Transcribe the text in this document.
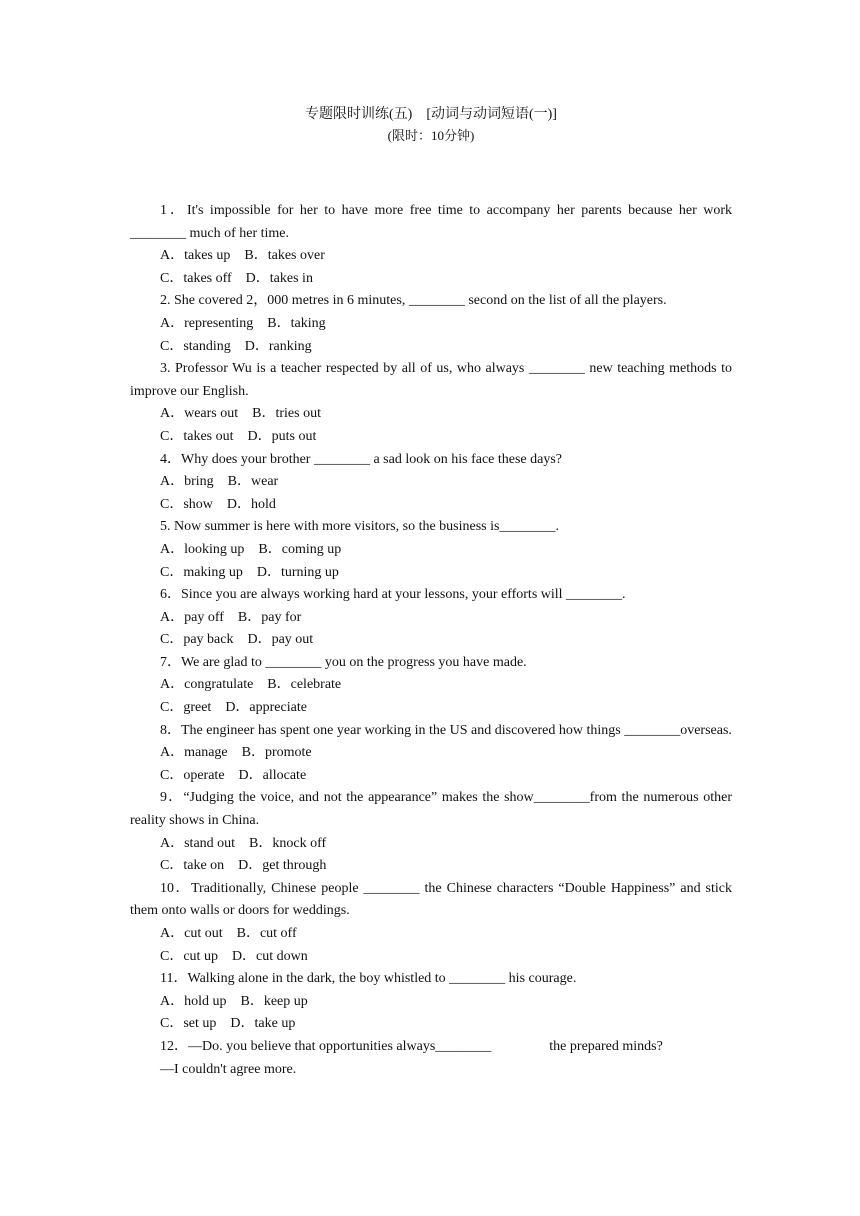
专题限时训练(五)　[动词与动词短语(一)]
(限时：10分钟)

1．It's impossible for her to have more free time to accompany her parents because her work ________ much of her time.

A．takes up　B．takes over

C．takes off　D．takes in

2. She covered 2，000 metres in 6 minutes, ________ second on the list of all the players.

A．representing　B．taking

C．standing　D．ranking

3. Professor Wu is a teacher respected by all of us, who always ________ new teaching methods to improve our English.

A．wears out　B．tries out

C．takes out　D．puts out

4．Why does your brother ________ a sad look on his face these days?

A．bring　B．wear

C．show　D．hold

5. Now summer is here with more visitors, so the business is________.

A．looking up　B．coming up

C．making up　D．turning up

6．Since you are always working hard at your lessons, your efforts will ________.

A．pay off　B．pay for

C．pay back　D．pay out

7．We are glad to ________ you on the progress you have made.

A．congratulate　B．celebrate

C．greet　D．appreciate

8．The engineer has spent one year working in the US and discovered how things ________overseas.

A．manage　B．promote

C．operate　D．allocate

9．“Judging the voice, and not the appearance” makes the show________from the numerous other reality shows in China.

A．stand out　B．knock off

C．take on　D．get through

10．Traditionally, Chinese people ________ the Chinese characters “Double Happiness” and stick them onto walls or doors for weddings.

A．cut out　B．cut off

C．cut up　D．cut down

11．Walking alone in the dark, the boy whistled to ________ his courage.

A．hold up　B．keep up

C．set up　D．take up

12．—Do. you believe that opportunities always________	the prepared minds?

—I couldn't agree more.
